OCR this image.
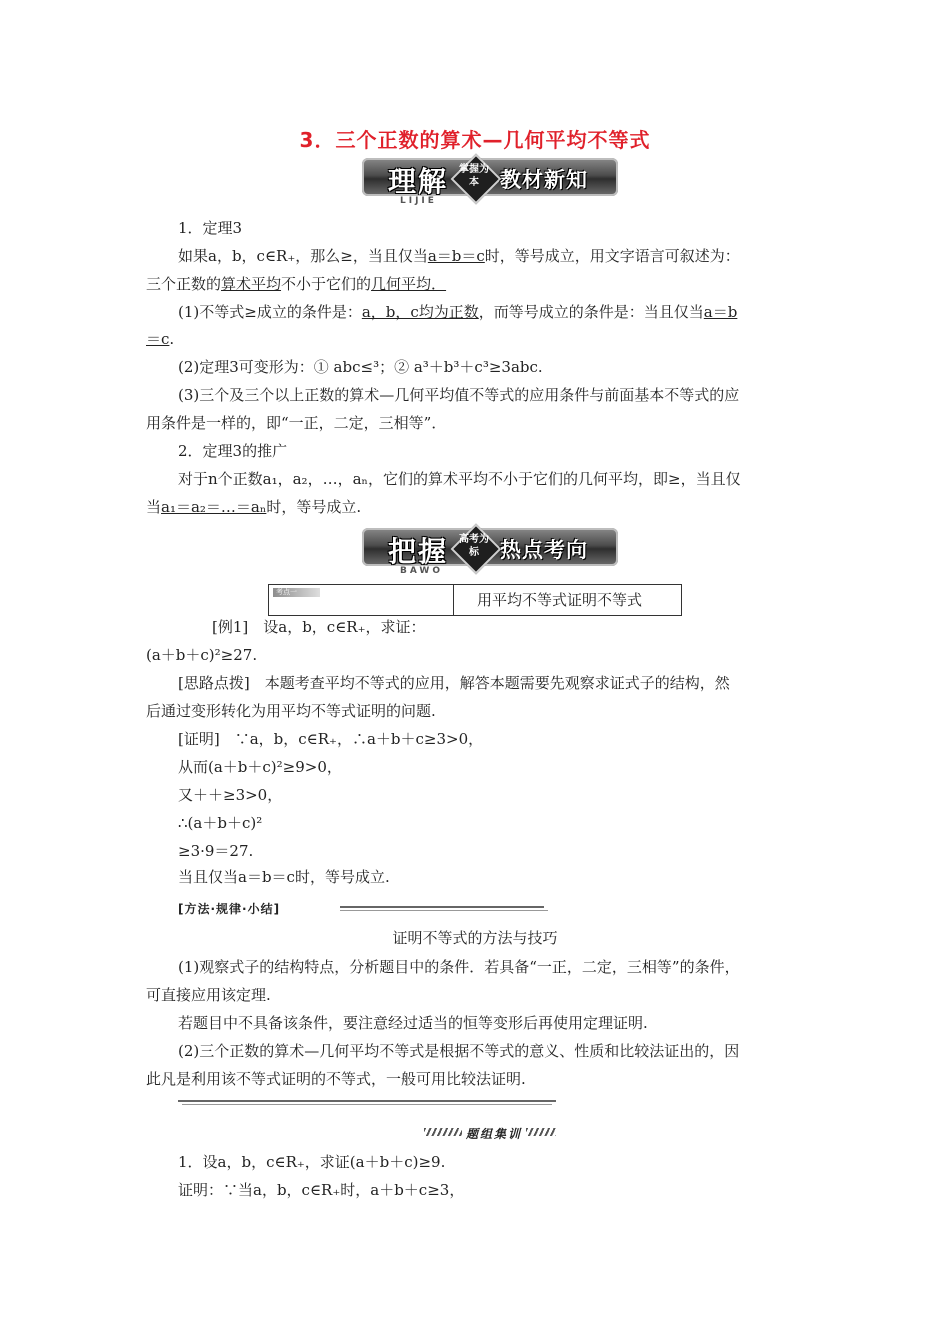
3．三个正数的算术—几何平均不等式
理解 掌握为本	教材新知
LIJIE
1．定理3
如果a，b，c∈R₊，那么≥，当且仅当a＝b＝c时，等号成立，用文字语言可叙述为：
三个正数的算术平均不小于它们的几何平均．
(1)不等式≥成立的条件是：a，b，c均为正数，而等号成立的条件是：当且仅当a＝b
＝c.
(2)定理3可变形为：① abc≤³；② a³＋b³＋c³≥3abc.
(3)三个及三个以上正数的算术—几何平均值不等式的应用条件与前面基本不等式的应
用条件是一样的，即“一正，二定，三相等”．
2．定理3的推广
对于n个正数a₁，a₂，…，aₙ，它们的算术平均不小于它们的几何平均，即≥，当且仅
当a₁＝a₂＝…＝aₙ时，等号成立.
把握 高考为标	热点考向
BAWO
考点一	用平均不等式证明不等式
[例1]　设a，b，c∈R₊，求证：
(a＋b＋c)²≥27.
[思路点拨]　本题考查平均不等式的应用，解答本题需要先观察求证式子的结构，然
后通过变形转化为用平均不等式证明的问题.
[证明]　∵a，b，c∈R₊，∴a＋b＋c≥3>0，
从而(a＋b＋c)²≥9>0，
又＋＋≥3>0，
∴(a＋b＋c)²
≥3·9＝27.
当且仅当a＝b＝c时，等号成立.
[方法·规律·小结]
证明不等式的方法与技巧
(1)观察式子的结构特点，分析题目中的条件．若具备“一正，二定，三相等”的条件，
可直接应用该定理.
若题目中不具备该条件，要注意经过适当的恒等变形后再使用定理证明.
(2)三个正数的算术—几何平均不等式是根据不等式的意义、性质和比较法证出的，因
此凡是利用该不等式证明的不等式，一般可用比较法证明.
题组集训
1．设a，b，c∈R₊，求证(a＋b＋c)≥9.
证明：∵当a，b，c∈R₊时，a＋b＋c≥3，
